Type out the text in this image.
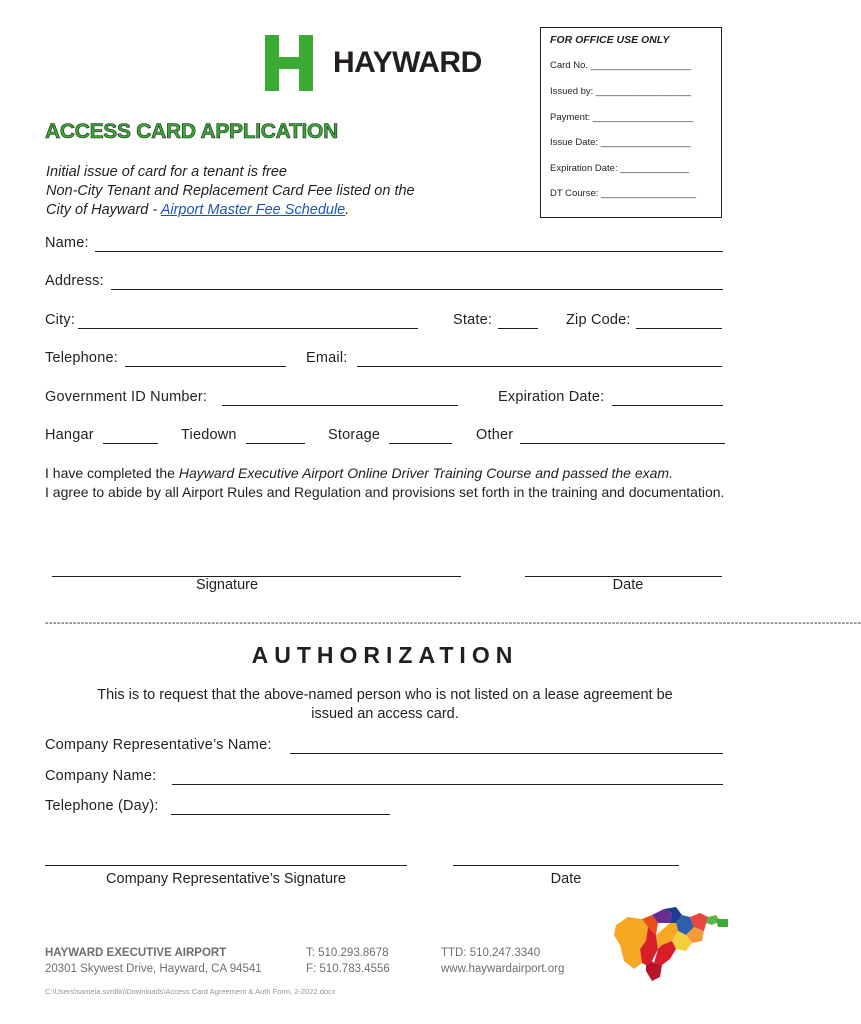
HAYWARD
FOR OFFICE USE ONLY
Card No. ___________________
Issued by: __________________
Payment: ___________________
Issue Date: _________________
Expiration Date: _____________
DT Course: __________________
ACCESS CARD APPLICATION
Initial issue of card for a tenant is free
Non-City Tenant and Replacement Card Fee listed on the
City of Hayward - Airport Master Fee Schedule.
Name:
Address:
City:	State:	Zip Code:
Telephone:	Email:
Government ID Number:	Expiration Date:
Hangar	Tiedown	Storage	Other
I have completed the Hayward Executive Airport Online Driver Training Course and passed the exam.
I agree to abide by all Airport Rules and Regulation and provisions set forth in the training and documentation.
Signature	Date
--------------------------------------------------------------------------------------------------------------------------------------------------------------------------------------------------------------
AUTHORIZATION
This is to request that the above-named person who is not listed on a lease agreement be
issued an access card.
Company Representative’s Name:
Company Name:
Telephone (Day):
Company Representative’s Signature	Date
HAYWARD EXECUTIVE AIRPORT
20301 Skywest Drive, Hayward, CA 94541
T: 510.293.8678
F: 510.783.4556
TTD: 510.247.3340
www.haywardairport.org
C:\Users\sameia.svrdlin\Downloads\Access Card Agreement & Auth Form, 2-2022.docx
